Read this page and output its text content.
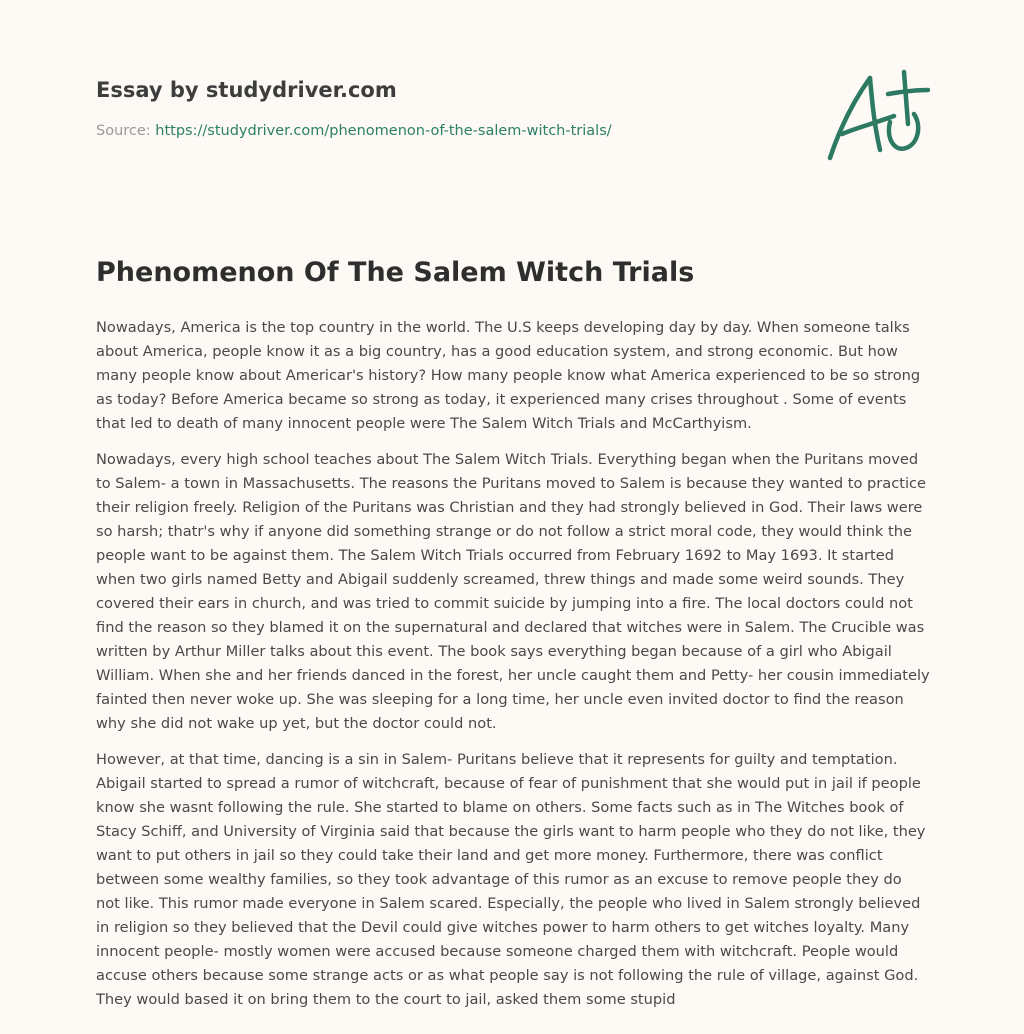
Essay by studydriver.com
Source: https://studydriver.com/phenomenon-of-the-salem-witch-trials/
Phenomenon Of The Salem Witch Trials

Nowadays, America is the top country in the world. The U.S keeps developing day by day. When someone talks about America, people know it as a big country, has a good education system, and strong economic. But how many people know about Americar's history? How many people know what America experienced to be so strong as today? Before America became so strong as today, it experienced many crises throughout . Some of events that led to death of many innocent people were The Salem Witch Trials and McCarthyism.

Nowadays, every high school teaches about The Salem Witch Trials. Everything began when the Puritans moved to Salem- a town in Massachusetts. The reasons the Puritans moved to Salem is because they wanted to practice their religion freely. Religion of the Puritans was Christian and they had strongly believed in God. Their laws were so harsh; thatr's why if anyone did something strange or do not follow a strict moral code, they would think the people want to be against them. The Salem Witch Trials occurred from February 1692 to May 1693. It started when two girls named Betty and Abigail suddenly screamed, threw things and made some weird sounds. They covered their ears in church, and was tried to commit suicide by jumping into a fire. The local doctors could not find the reason so they blamed it on the supernatural and declared that witches were in Salem. The Crucible was written by Arthur Miller talks about this event. The book says everything began because of a girl who Abigail William. When she and her friends danced in the forest, her uncle caught them and Petty- her cousin immediately fainted then never woke up. She was sleeping for a long time, her uncle even invited doctor to find the reason why she did not wake up yet, but the doctor could not.

However, at that time, dancing is a sin in Salem- Puritans believe that it represents for guilty and temptation. Abigail started to spread a rumor of witchcraft, because of fear of punishment that she would put in jail if people know she wasnt following the rule. She started to blame on others. Some facts such as in The Witches book of Stacy Schiff, and University of Virginia said that because the girls want to harm people who they do not like, they want to put others in jail so they could take their land and get more money. Furthermore, there was conflict between some wealthy families, so they took advantage of this rumor as an excuse to remove people they do not like. This rumor made everyone in Salem scared. Especially, the people who lived in Salem strongly believed in religion so they believed that the Devil could give witches power to harm others to get witches loyalty. Many innocent people- mostly women were accused because someone charged them with witchcraft. People would accuse others because some strange acts or as what people say is not following the rule of village, against God. They would based it on bring them to the court to jail, asked them some stupid
